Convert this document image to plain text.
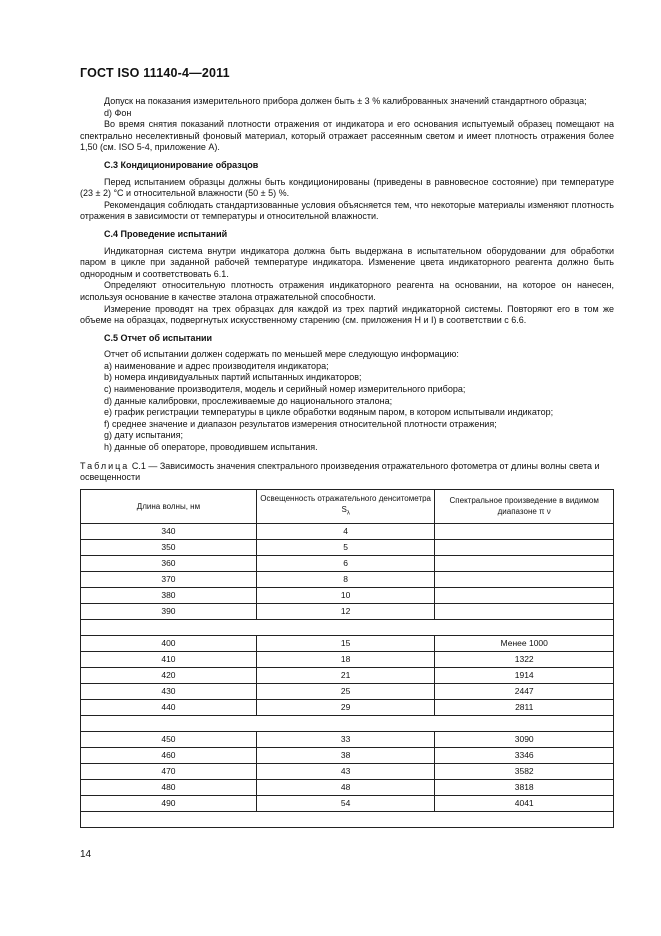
ГОСТ ISO 11140-4—2011

Допуск на показания измерительного прибора должен быть ± 3 % калиброванных значений стандартного образца;

d) Фон

Во время снятия показаний плотности отражения от индикатора и его основания испытуемый образец помещают на спектрально неселективный фоновый материал, который отражает рассеянным светом и имеет плотность отражения более 1,50 (см. ISO 5-4, приложение А).

С.3 Кондиционирование образцов

Перед испытанием образцы должны быть кондиционированы (приведены в равновесное состояние) при температуре (23 ± 2) °С и относительной влажности (50 ± 5) %.

Рекомендация соблюдать стандартизованные условия объясняется тем, что некоторые материалы изменяют плотность отражения в зависимости от температуры и относительной влажности.

С.4 Проведение испытаний

Индикаторная система внутри индикатора должна быть выдержана в испытательном оборудовании для обработки паром в цикле при заданной рабочей температуре индикатора. Изменение цвета индикаторного реагента должно быть однородным и соответствовать 6.1.

Определяют относительную плотность отражения индикаторного реагента на основании, на которое он нанесен, используя основание в качестве эталона отражательной способности.

Измерение проводят на трех образцах для каждой из трех партий индикаторной системы. Повторяют его в том же объеме на образцах, подвергнутых искусственному старению (см. приложения Н и I) в соответствии с 6.6.

С.5 Отчет об испытании

Отчет об испытании должен содержать по меньшей мере следующую информацию:

а) наименование и адрес производителя индикатора;

b) номера индивидуальных партий испытанных индикаторов;

с) наименование производителя, модель и серийный номер измерительного прибора;

d) данные калибровки, прослеживаемые до национального эталона;

е) график регистрации температуры в цикле обработки водяным паром, в котором испытывали индикатор;

f) среднее значение и диапазон результатов измерения относительной плотности отражения;

g) дату испытания;

h) данные об операторе, проводившем испытания.

Таблица С.1 — Зависимость значения спектрального произведения отражательного фотометра от длины волны света и освещенности

Длина волны, нм	Освещенность отражательного денситометра $S_\lambda$	Спектральное произведение в видимом диапазоне π ν
340	4	
350	5	
360	6	
370	8	
380	10	
390	12	

400	15	Менее 1000
410	18	1322
420	21	1914
430	25	2447
440	29	2811

450	33	3090
460	38	3346
470	43	3582
480	48	3818
490	54	4041

14
